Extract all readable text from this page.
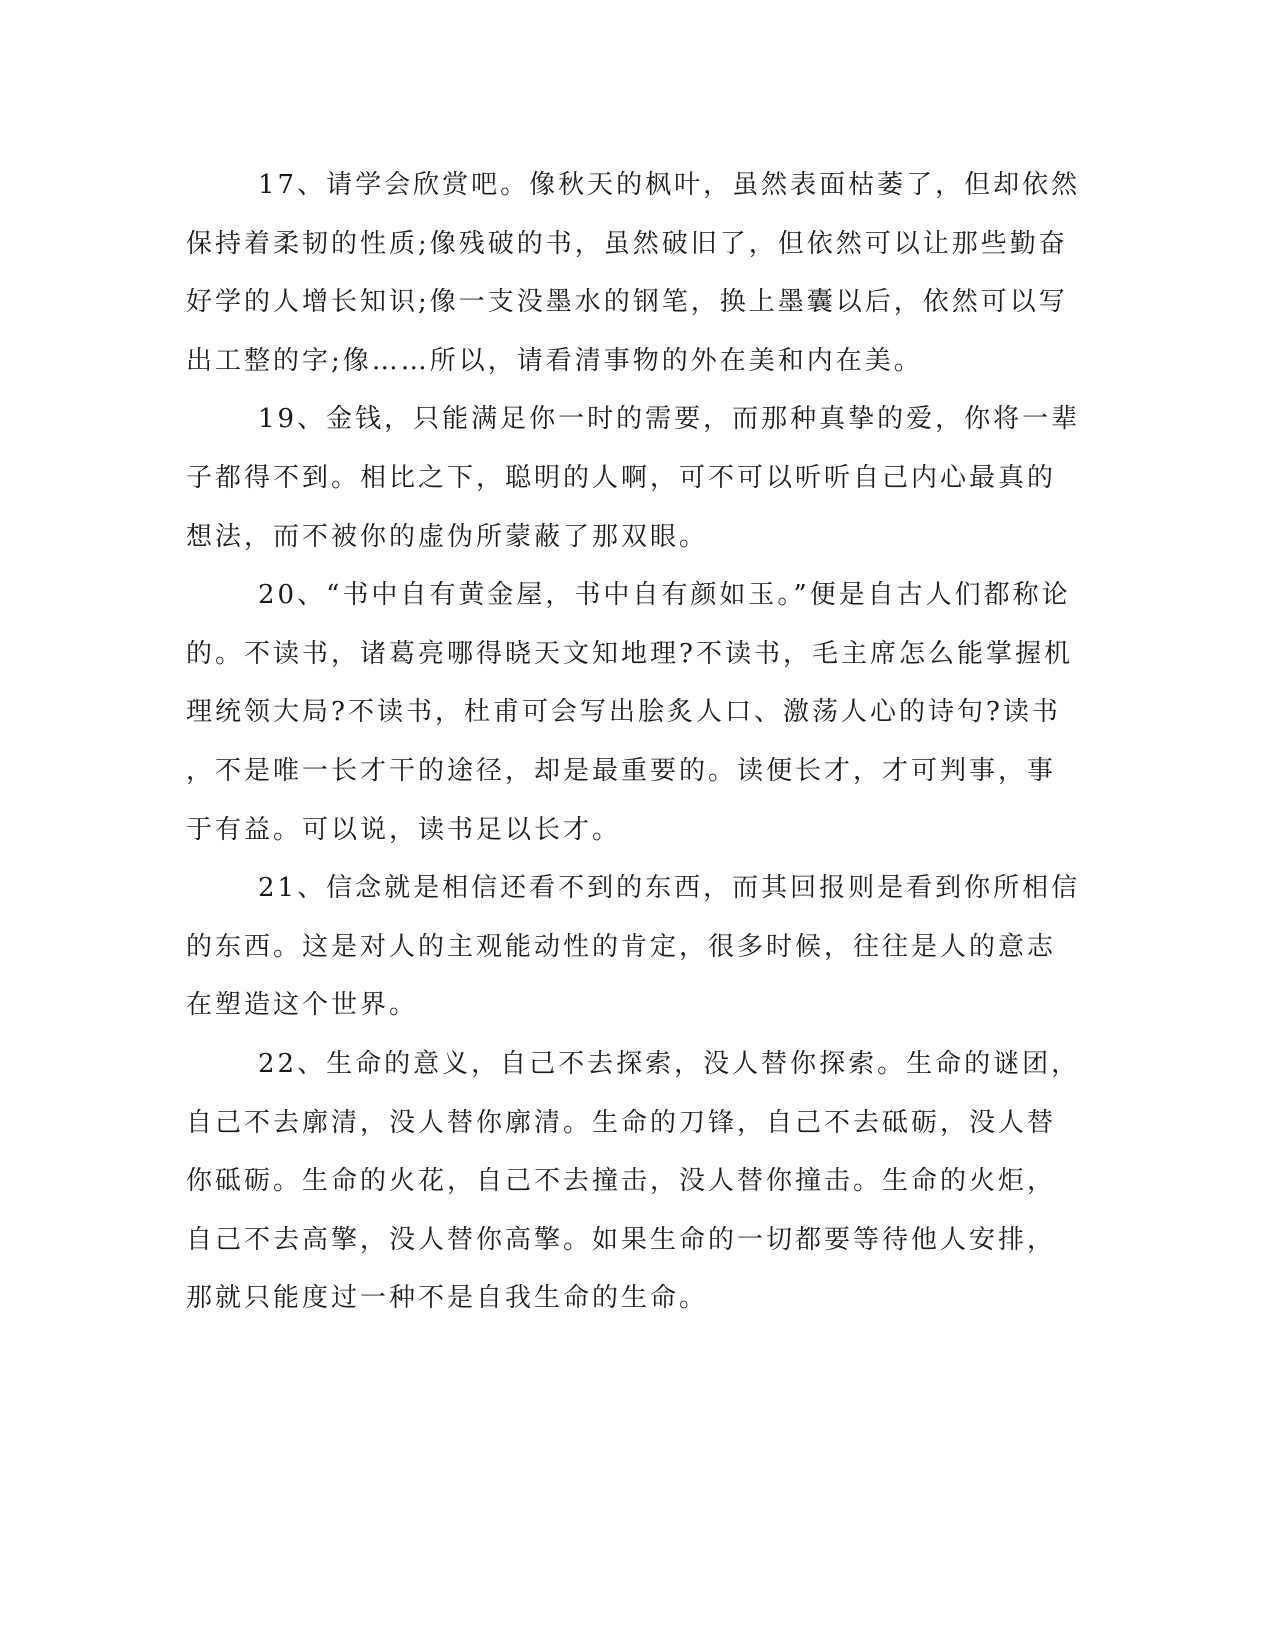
17、请学会欣赏吧。像秋天的枫叶，虽然表面枯萎了，但却依然
保持着柔韧的性质;像残破的书，虽然破旧了，但依然可以让那些勤奋
好学的人增长知识;像一支没墨水的钢笔，换上墨囊以后，依然可以写
出工整的字;像……所以，请看清事物的外在美和内在美。
19、金钱，只能满足你一时的需要，而那种真挚的爱，你将一辈
子都得不到。相比之下，聪明的人啊，可不可以听听自己内心最真的
想法，而不被你的虚伪所蒙蔽了那双眼。
20、“书中自有黄金屋，书中自有颜如玉。”便是自古人们都称论
的。不读书，诸葛亮哪得晓天文知地理?不读书，毛主席怎么能掌握机
理统领大局?不读书，杜甫可会写出脍炙人口、激荡人心的诗句?读书
，不是唯一长才干的途径，却是最重要的。读便长才，才可判事，事
于有益。可以说，读书足以长才。
21、信念就是相信还看不到的东西，而其回报则是看到你所相信
的东西。这是对人的主观能动性的肯定，很多时候，往往是人的意志
在塑造这个世界。
22、生命的意义，自己不去探索，没人替你探索。生命的谜团，
自己不去廓清，没人替你廓清。生命的刀锋，自己不去砥砺，没人替
你砥砺。生命的火花，自己不去撞击，没人替你撞击。生命的火炬，
自己不去高擎，没人替你高擎。如果生命的一切都要等待他人安排，
那就只能度过一种不是自我生命的生命。
